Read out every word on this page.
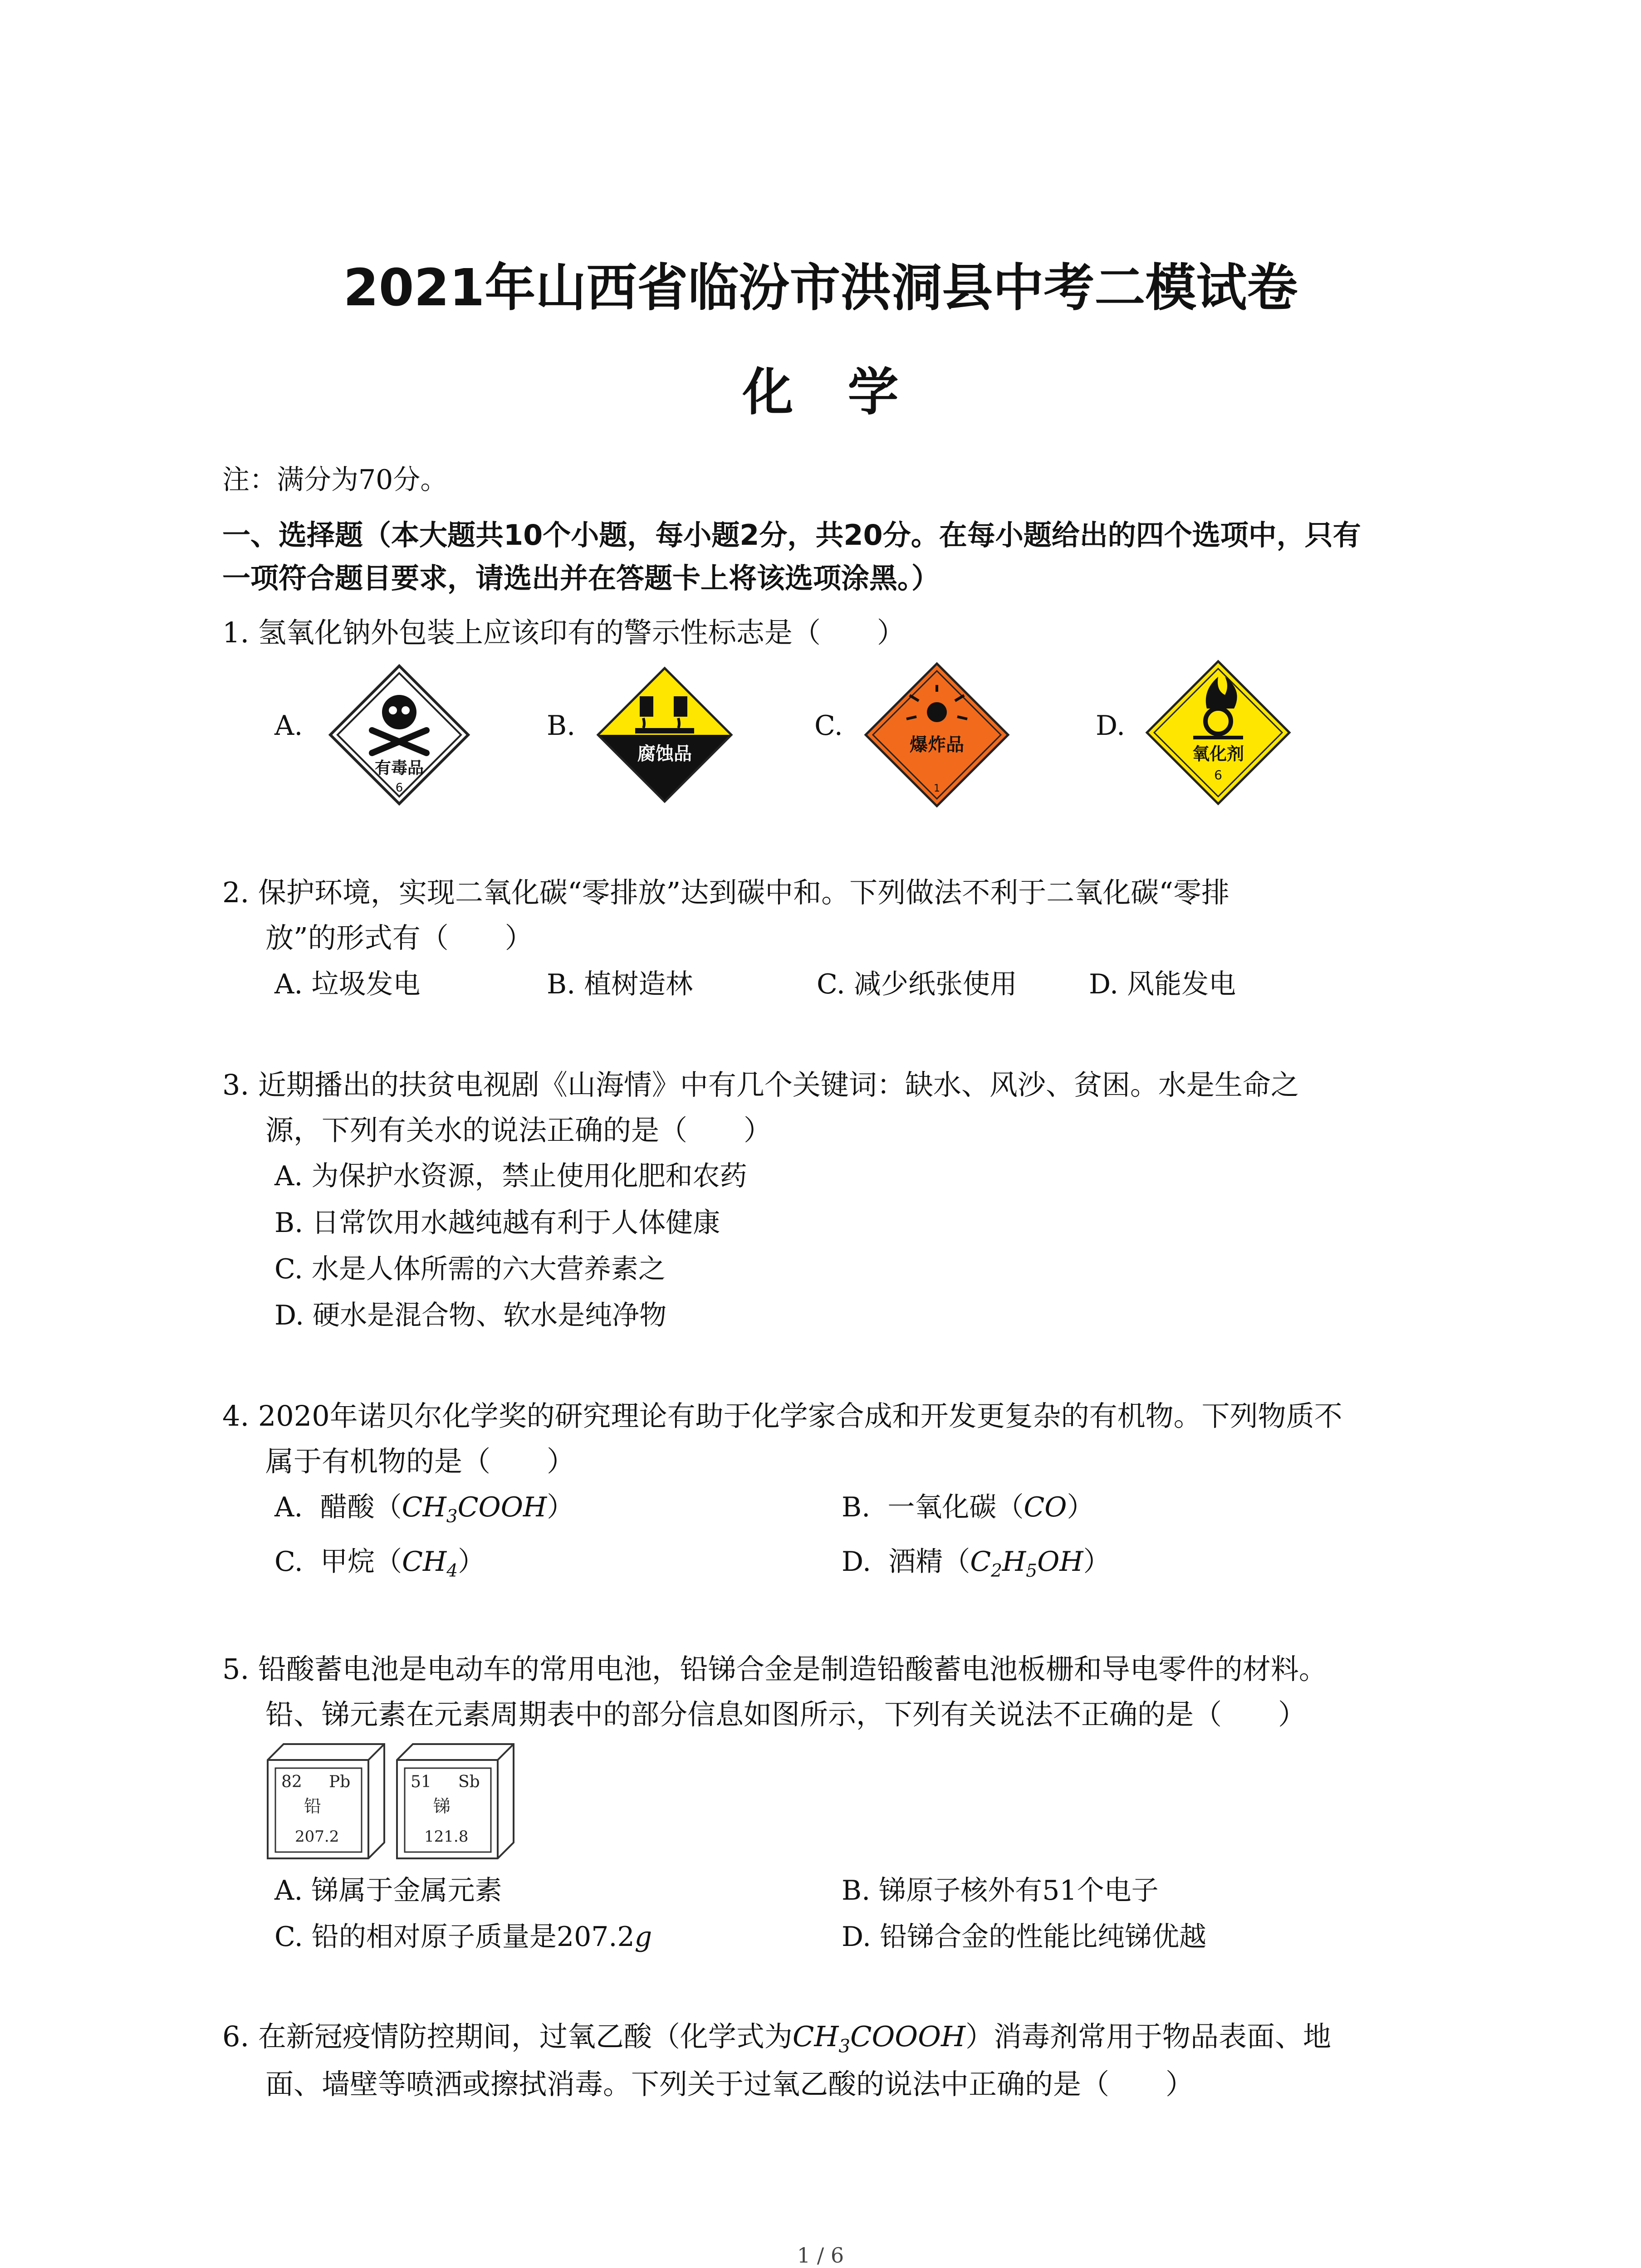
2021年山西省临汾市洪洞县中考二模试卷
化学
注：满分为70分。
一、选择题（本大题共10个小题，每小题2分，共20分。在每小题给出的四个选项中，只有
一项符合题目要求，请选出并在答题卡上将该选项涂黑。）
1. 氢氧化钠外包装上应该印有的警示性标志是（　　）
A.
有毒品
6
B.
腐蚀品
C.
爆炸品
1
D.
氧化剂
6
2. 保护环境，实现二氧化碳“零排放”达到碳中和。下列做法不利于二氧化碳“零排
放”的形式有（　　）
A. 垃圾发电	B. 植树造林	C. 减少纸张使用	D. 风能发电
3. 近期播出的扶贫电视剧《山海情》中有几个关键词：缺水、风沙、贫困。水是生命之
源，下列有关水的说法正确的是（　　）
A. 为保护水资源，禁止使用化肥和农药
B. 日常饮用水越纯越有利于人体健康
C. 水是人体所需的六大营养素之
D. 硬水是混合物、软水是纯净物
4. 2020年诺贝尔化学奖的研究理论有助于化学家合成和开发更复杂的有机物。下列物质不
属于有机物的是（　　）
A. 醋酸$(CH_3COOH)$	B. 一氧化碳（CO）
C. 甲烷$(CH_4)$	D. 酒精$(C_2H_5OH)$
5. 铅酸蓄电池是电动车的常用电池，铅锑合金是制造铅酸蓄电池板栅和导电零件的材料。
铅、锑元素在元素周期表中的部分信息如图所示，下列有关说法不正确的是（　　）
82 Pb
铅
207.2
51 Sb
锑
121.8
A. 锑属于金属元素	B. 锑原子核外有51个电子
C. 铅的相对原子质量是207.2g	D. 铅锑合金的性能比纯锑优越
6. 在新冠疫情防控期间，过氧乙酸（化学式为$CH_3COOOH$）消毒剂常用于物品表面、地
面、墙壁等喷洒或擦拭消毒。下列关于过氧乙酸的说法中正确的是（　　）
1 / 6
